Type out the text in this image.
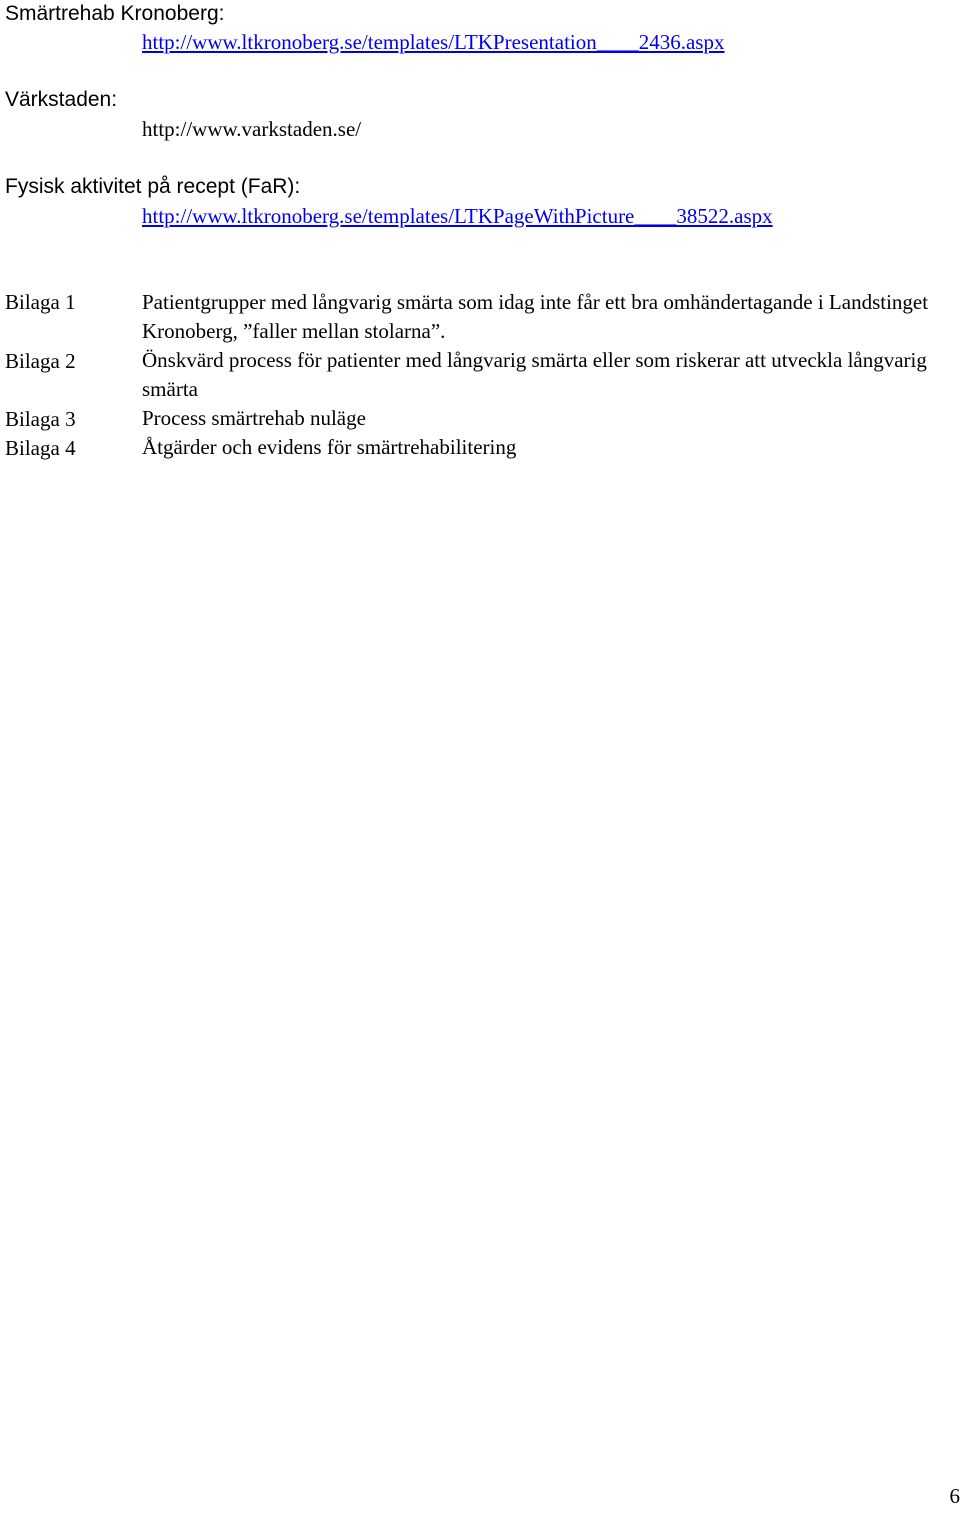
Smärtrehab Kronoberg:
http://www.ltkronoberg.se/templates/LTKPresentation____2436.aspx
Värkstaden:
http://www.varkstaden.se/
Fysisk aktivitet på recept (FaR):
http://www.ltkronoberg.se/templates/LTKPageWithPicture____38522.aspx
Bilaga 1	Patientgrupper med långvarig smärta som idag inte får ett bra omhändertagande i Landstinget Kronoberg, ”faller mellan stolarna”.
Bilaga 2	Önskvärd process för patienter med långvarig smärta eller som riskerar att utveckla långvarig smärta
Bilaga 3	Process smärtrehab nuläge
Bilaga 4	Åtgärder och evidens för smärtrehabilitering
6
